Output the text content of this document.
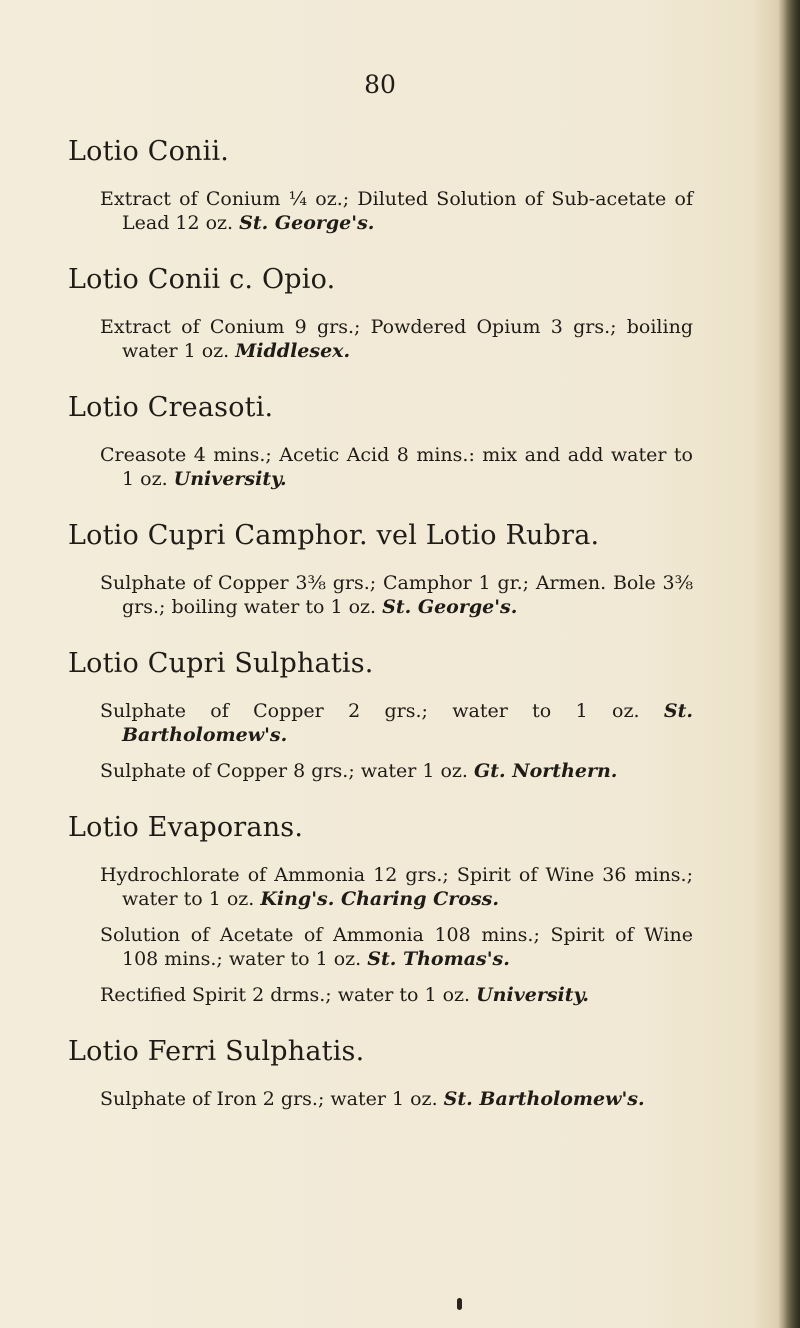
80
Lotio Conii.

Extract of Conium ¼ oz.; Diluted Solution of Sub-acetate of Lead 12 oz. St. George's.

Lotio Conii c. Opio.

Extract of Conium 9 grs.; Powdered Opium 3 grs.; boiling water 1 oz. Middlesex.

Lotio Creasoti.

Creasote 4 mins.; Acetic Acid 8 mins.: mix and add water to 1 oz. University.

Lotio Cupri Camphor. vel Lotio Rubra.

Sulphate of Copper 3⅜ grs.; Camphor 1 gr.; Armen. Bole 3⅜ grs.; boiling water to 1 oz. St. George's.

Lotio Cupri Sulphatis.

Sulphate of Copper 2 grs.; water to 1 oz. St. Bartholomew's.

Sulphate of Copper 8 grs.; water 1 oz. Gt. Northern.

Lotio Evaporans.

Hydrochlorate of Ammonia 12 grs.; Spirit of Wine 36 mins.; water to 1 oz. King's. Charing Cross.

Solution of Acetate of Ammonia 108 mins.; Spirit of Wine 108 mins.; water to 1 oz. St. Thomas's.

Rectified Spirit 2 drms.; water to 1 oz. University.

Lotio Ferri Sulphatis.

Sulphate of Iron 2 grs.; water 1 oz. St. Bartholomew's.
